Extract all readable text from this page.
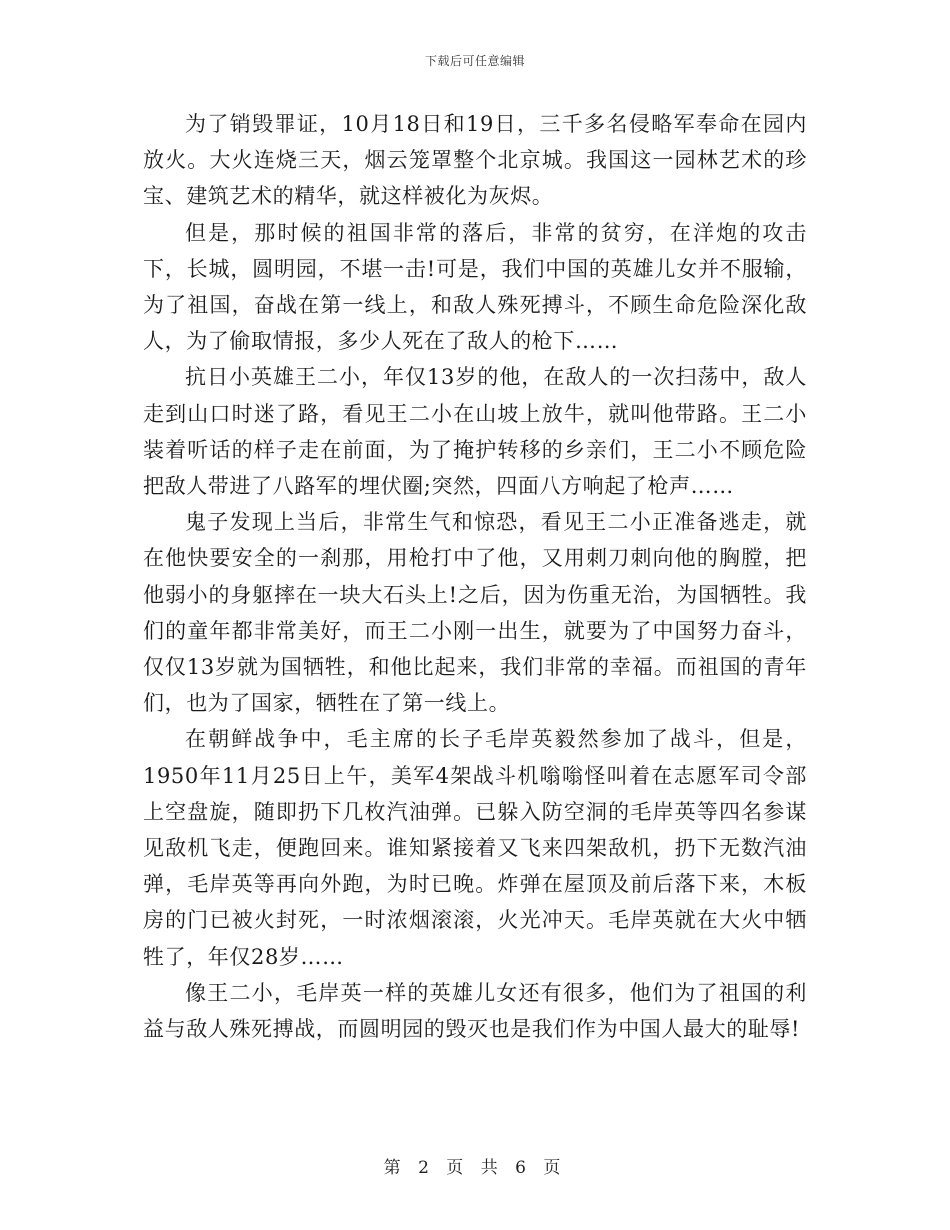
下载后可任意编辑

为了销毁罪证，10月18日和19日，三千多名侵略军奉命在园内放火。大火连烧三天，烟云笼罩整个北京城。我国这一园林艺术的珍宝、建筑艺术的精华，就这样被化为灰烬。

但是，那时候的祖国非常的落后，非常的贫穷，在洋炮的攻击下，长城，圆明园，不堪一击!可是，我们中国的英雄儿女并不服输，为了祖国，奋战在第一线上，和敌人殊死搏斗，不顾生命危险深化敌人，为了偷取情报，多少人死在了敌人的枪下……

抗日小英雄王二小，年仅13岁的他，在敌人的一次扫荡中，敌人走到山口时迷了路，看见王二小在山坡上放牛，就叫他带路。王二小装着听话的样子走在前面，为了掩护转移的乡亲们，王二小不顾危险把敌人带进了八路军的埋伏圈;突然，四面八方响起了枪声……

鬼子发现上当后，非常生气和惊恐，看见王二小正准备逃走，就在他快要安全的一刹那，用枪打中了他，又用刺刀刺向他的胸膛，把他弱小的身躯摔在一块大石头上!之后，因为伤重无治，为国牺牲。我们的童年都非常美好，而王二小刚一出生，就要为了中国努力奋斗，仅仅13岁就为国牺牲，和他比起来，我们非常的幸福。而祖国的青年们，也为了国家，牺牲在了第一线上。

在朝鲜战争中，毛主席的长子毛岸英毅然参加了战斗，但是，1950年11月25日上午，美军4架战斗机嗡嗡怪叫着在志愿军司令部上空盘旋，随即扔下几枚汽油弹。已躲入防空洞的毛岸英等四名参谋见敌机飞走，便跑回来。谁知紧接着又飞来四架敌机，扔下无数汽油弹，毛岸英等再向外跑，为时已晚。炸弹在屋顶及前后落下来，木板房的门已被火封死，一时浓烟滚滚，火光冲天。毛岸英就在大火中牺牲了，年仅28岁……

像王二小，毛岸英一样的英雄儿女还有很多，他们为了祖国的利益与敌人殊死搏战，而圆明园的毁灭也是我们作为中国人最大的耻辱!

第 2 页 共 6 页
